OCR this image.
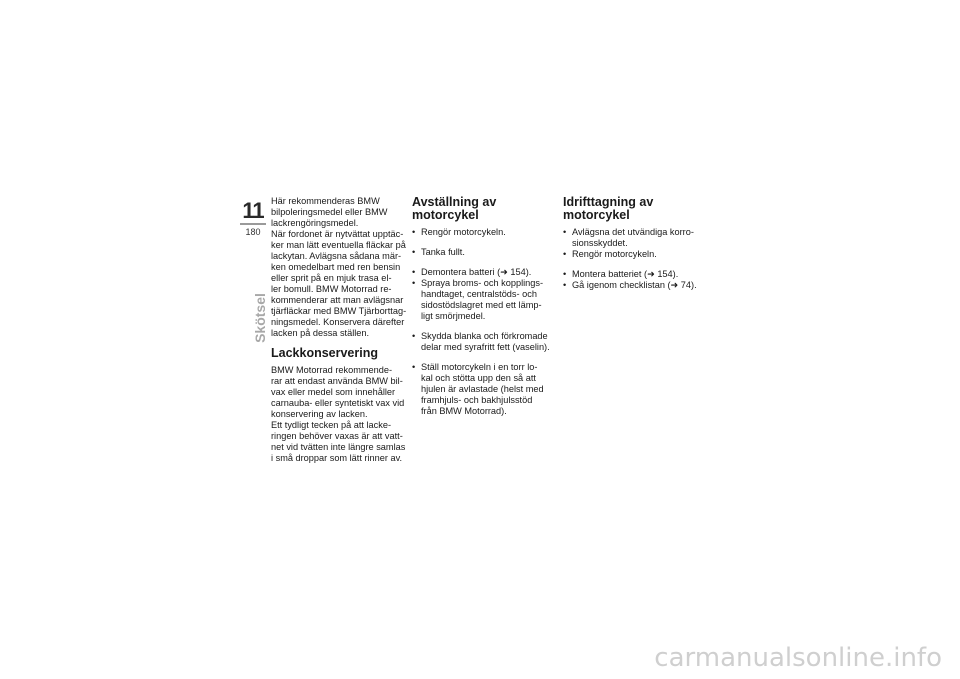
11
180
Skötsel

Här rekommenderas BMW
bilpoleringsmedel eller BMW
lackrengöringsmedel.
När fordonet är nytvättat upptäc-
ker man lätt eventuella fläckar på
lackytan. Avlägsna sådana mär-
ken omedelbart med ren bensin
eller sprit på en mjuk trasa el-
ler bomull. BMW Motorrad re-
kommenderar att man avlägsnar
tjärfläckar med BMW Tjärborttag-
ningsmedel. Konservera därefter
lacken på dessa ställen.

Lackkonservering

BMW Motorrad rekommende-
rar att endast använda BMW bil-
vax eller medel som innehåller
carnauba- eller syntetiskt vax vid
konservering av lacken.
Ett tydligt tecken på att lacke-
ringen behöver vaxas är att vatt-
net vid tvätten inte längre samlas
i små droppar som lätt rinner av.

Avställning av
motorcykel
• Rengör motorcykeln.
• Tanka fullt.
• Demontera batteri (➜ 154).
• Spraya broms- och kopplings-
handtaget, centralstöds- och
sidostödslagret med ett lämp-
ligt smörjmedel.
• Skydda blanka och förkromade
delar med syrafritt fett (vaselin).
• Ställ motorcykeln i en torr lo-
kal och stötta upp den så att
hjulen är avlastade (helst med
framhjuls- och bakhjulsstöd
från BMW Motorrad).
Idrifttagning av
motorcykel
• Avlägsna det utvändiga korro-
sionsskyddet.
• Rengör motorcykeln.
• Montera batteriet (➜ 154).
• Gå igenom checklistan (➜ 74).
carmanualsonline.info
